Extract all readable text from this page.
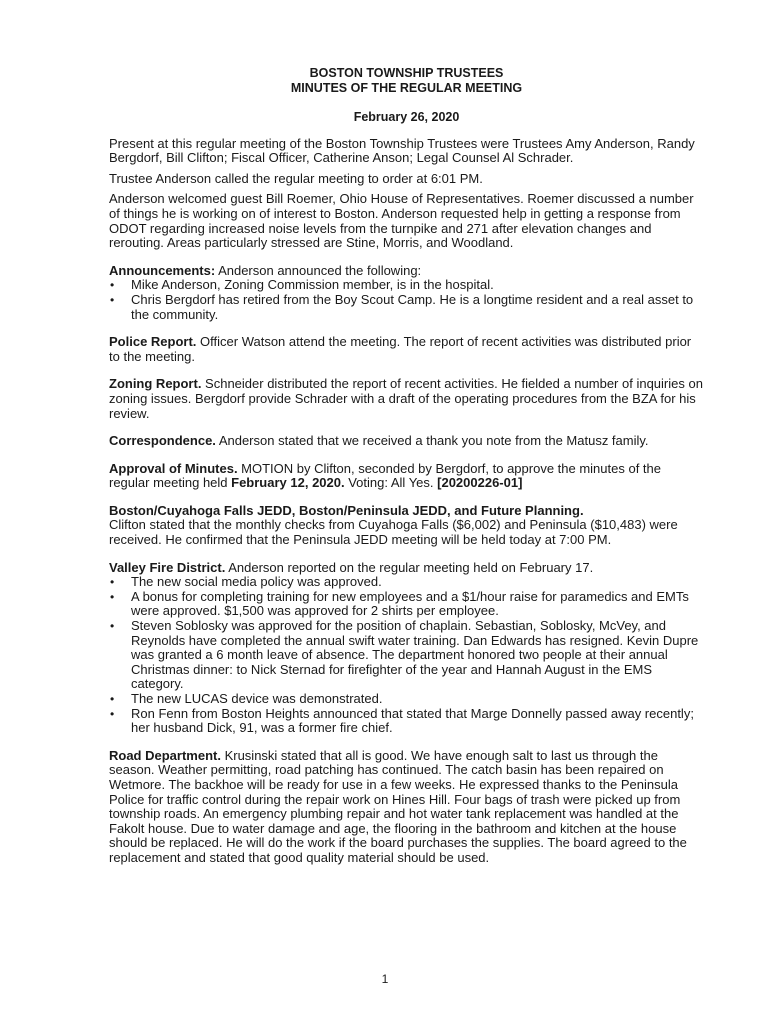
BOSTON TOWNSHIP TRUSTEES
MINUTES OF THE REGULAR MEETING
February 26, 2020

Present at this regular meeting of the Boston Township Trustees were Trustees Amy Anderson, Randy Bergdorf, Bill Clifton; Fiscal Officer, Catherine Anson; Legal Counsel Al Schrader.

Trustee Anderson called the regular meeting to order at 6:01 PM.

Anderson welcomed guest Bill Roemer, Ohio House of Representatives. Roemer discussed a number of things he is working on of interest to Boston. Anderson requested help in getting a response from ODOT regarding increased noise levels from the turnpike and 271 after elevation changes and rerouting. Areas particularly stressed are Stine, Morris, and Woodland.

Announcements: Anderson announced the following:
• Mike Anderson, Zoning Commission member, is in the hospital.
• Chris Bergdorf has retired from the Boy Scout Camp. He is a longtime resident and a real asset to the community.
Police Report. Officer Watson attend the meeting. The report of recent activities was distributed prior to the meeting.
Zoning Report. Schneider distributed the report of recent activities. He fielded a number of inquiries on zoning issues. Bergdorf provide Schrader with a draft of the operating procedures from the BZA for his review.
Correspondence. Anderson stated that we received a thank you note from the Matusz family.
Approval of Minutes. MOTION by Clifton, seconded by Bergdorf, to approve the minutes of the regular meeting held February 12, 2020. Voting: All Yes. [20200226-01]
Boston/Cuyahoga Falls JEDD, Boston/Peninsula JEDD, and Future Planning.
Clifton stated that the monthly checks from Cuyahoga Falls ($6,002) and Peninsula ($10,483) were received. He confirmed that the Peninsula JEDD meeting will be held today at 7:00 PM.
Valley Fire District. Anderson reported on the regular meeting held on February 17.
• The new social media policy was approved.
• A bonus for completing training for new employees and a $1/hour raise for paramedics and EMTs were approved. $1,500 was approved for 2 shirts per employee.
• Steven Soblosky was approved for the position of chaplain. Sebastian, Soblosky, McVey, and Reynolds have completed the annual swift water training. Dan Edwards has resigned. Kevin Dupre was granted a 6 month leave of absence. The department honored two people at their annual Christmas dinner: to Nick Sternad for firefighter of the year and Hannah August in the EMS category.
• The new LUCAS device was demonstrated.
• Ron Fenn from Boston Heights announced that stated that Marge Donnelly passed away recently; her husband Dick, 91, was a former fire chief.
Road Department. Krusinski stated that all is good. We have enough salt to last us through the season. Weather permitting, road patching has continued. The catch basin has been repaired on Wetmore. The backhoe will be ready for use in a few weeks. He expressed thanks to the Peninsula Police for traffic control during the repair work on Hines Hill. Four bags of trash were picked up from township roads. An emergency plumbing repair and hot water tank replacement was handled at the Fakolt house. Due to water damage and age, the flooring in the bathroom and kitchen at the house should be replaced. He will do the work if the board purchases the supplies. The board agreed to the replacement and stated that good quality material should be used.
1
